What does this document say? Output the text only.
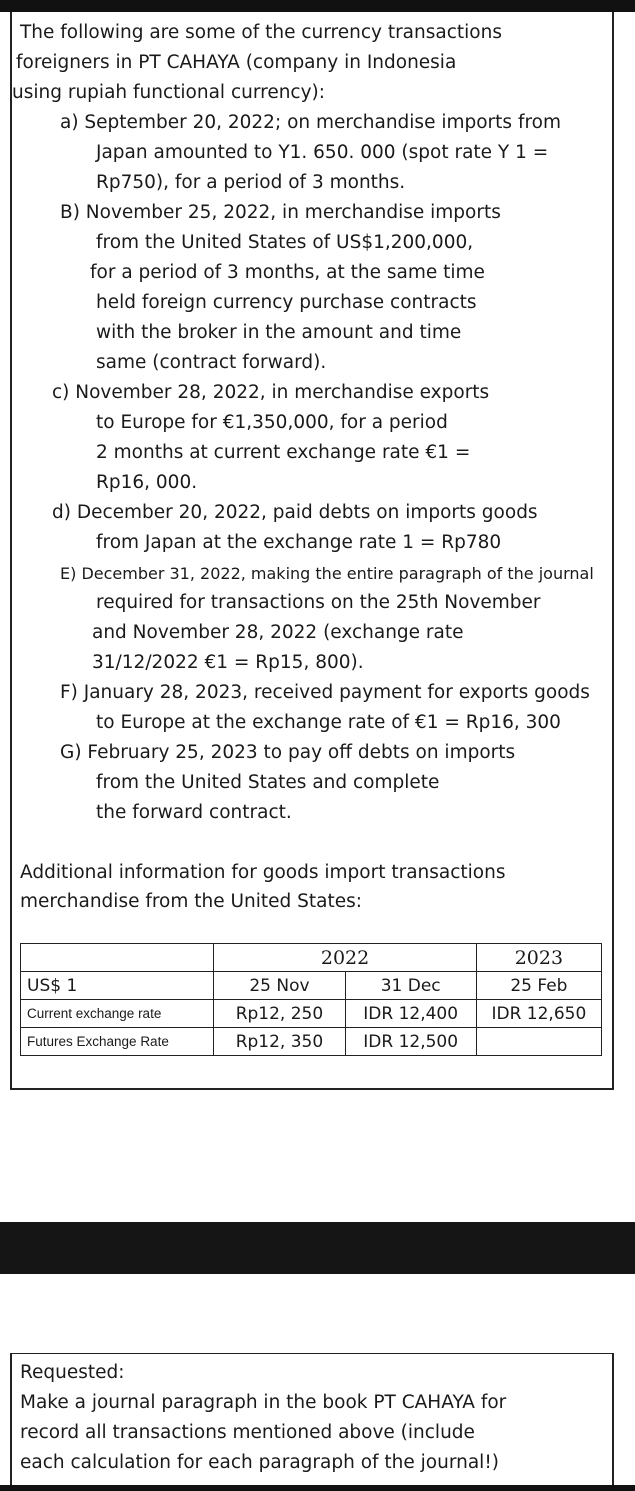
The following are some of the currency transactions
foreigners in PT CAHAYA (company in Indonesia
using rupiah functional currency):
a) September 20, 2022; on merchandise imports from
Japan amounted to Y1. 650. 000 (spot rate Y 1 =
Rp750), for a period of 3 months.
B) November 25, 2022, in merchandise imports
from the United States of US$1,200,000,
for a period of 3 months, at the same time
held foreign currency purchase contracts
with the broker in the amount and time
same (contract forward).
c) November 28, 2022, in merchandise exports
to Europe for €1,350,000, for a period
2 months at current exchange rate €1 =
Rp16, 000.
d) December 20, 2022, paid debts on imports goods
from Japan at the exchange rate 1 = Rp780
E) December 31, 2022, making the entire paragraph of the journal
required for transactions on the 25th November
and November 28, 2022 (exchange rate
31/12/2022 €1 = Rp15, 800).
F) January 28, 2023, received payment for exports goods
to Europe at the exchange rate of €1 = Rp16, 300
G) February 25, 2023 to pay off debts on imports
from the United States and complete
the forward contract.
Additional information for goods import transactions
merchandise from the United States:
	2022		2023
US$ 1	25 Nov	31 Dec	25 Feb
Current exchange rate	Rp12, 250	IDR 12,400	IDR 12,650
Futures Exchange Rate	Rp12, 350	IDR 12,500	
Requested:
Make a journal paragraph in the book PT CAHAYA for
record all transactions mentioned above (include
each calculation for each paragraph of the journal!)
